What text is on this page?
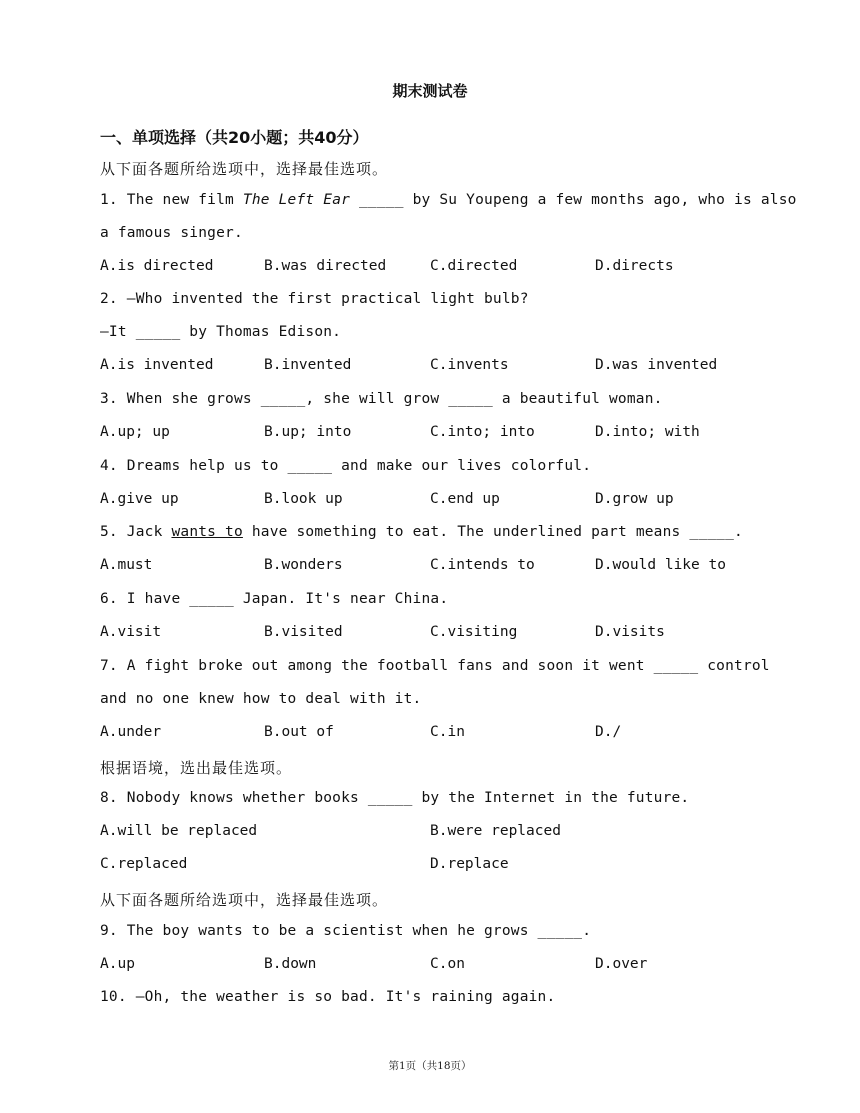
期末测试卷
一、单项选择（共20小题；共40分）
从下面各题所给选项中，选择最佳选项。
1. The new film The Left Ear _____ by Su Youpeng a few months ago, who is also
a famous singer.
A.is directed	B.was directed	C.directed	D.directs
2. —Who invented the first practical light bulb?
—It _____ by Thomas Edison.
A.is invented	B.invented	C.invents	D.was invented
3. When she grows _____, she will grow _____ a beautiful woman.
A.up; up	B.up; into	C.into; into	D.into; with
4. Dreams help us to _____ and make our lives colorful.
A.give up	B.look up	C.end up	D.grow up
5. Jack wants to have something to eat. The underlined part means _____.
A.must	B.wonders	C.intends to	D.would like to
6. I have _____ Japan. It's near China.
A.visit	B.visited	C.visiting	D.visits
7. A fight broke out among the football fans and soon it went _____ control
and no one knew how to deal with it.
A.under	B.out of	C.in	D./
根据语境，选出最佳选项。
8. Nobody knows whether books _____ by the Internet in the future.
A.will be replaced	B.were replaced
C.replaced	D.replace
从下面各题所给选项中，选择最佳选项。
9. The boy wants to be a scientist when he grows _____.
A.up	B.down	C.on	D.over
10. —Oh, the weather is so bad. It's raining again.
第1页（共18页）
